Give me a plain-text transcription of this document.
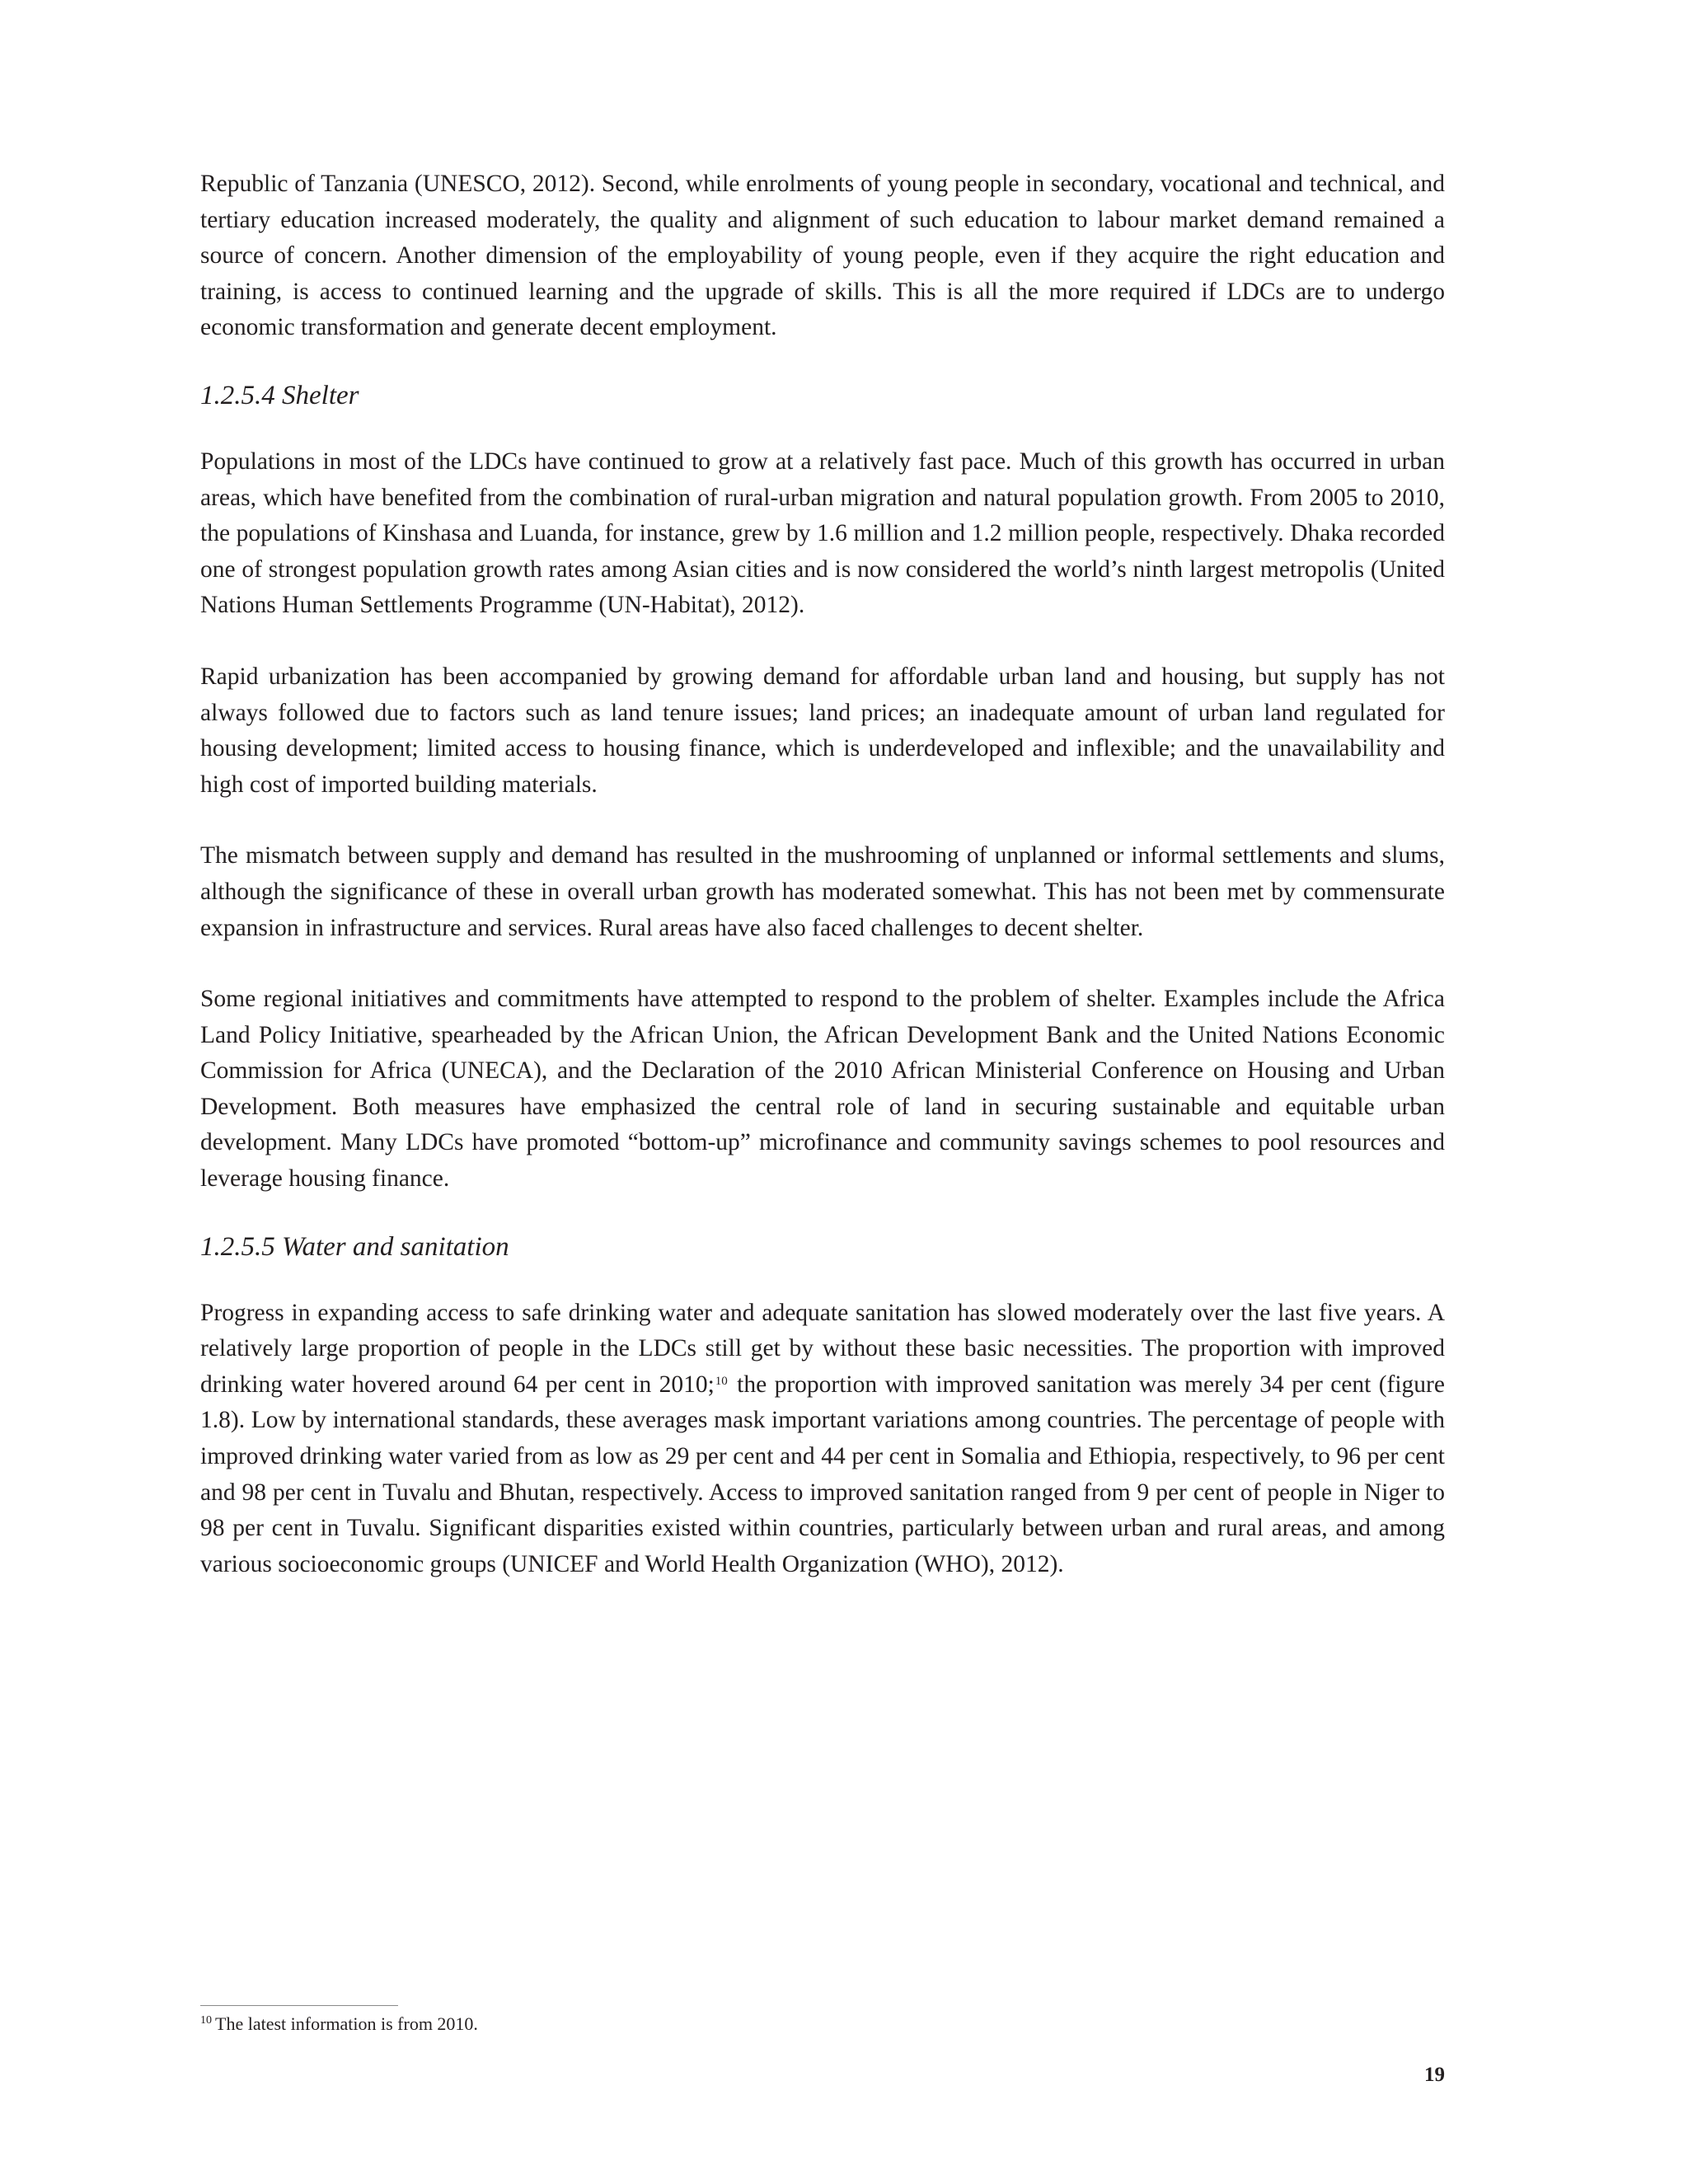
Republic of Tanzania (UNESCO, 2012). Second, while enrolments of young people in secondary, vocational and technical, and tertiary education increased moderately, the quality and alignment of such education to labour market demand remained a source of concern. Another dimension of the employability of young people, even if they acquire the right education and training, is access to continued learning and the upgrade of skills. This is all the more required if LDCs are to undergo economic transformation and generate decent employment.

1.2.5.4 Shelter

Populations in most of the LDCs have continued to grow at a relatively fast pace. Much of this growth has occurred in urban areas, which have benefited from the combination of rural-urban migration and natural population growth. From 2005 to 2010, the populations of Kinshasa and Luanda, for instance, grew by 1.6 million and 1.2 million people, respectively. Dhaka recorded one of strongest population growth rates among Asian cities and is now considered the world’s ninth largest metropolis (United Nations Human Settlements Programme (UN-Habitat), 2012).

Rapid urbanization has been accompanied by growing demand for affordable urban land and housing, but supply has not always followed due to factors such as land tenure issues; land prices; an inadequate amount of urban land regulated for housing development; limited access to housing finance, which is underdeveloped and inflexible; and the unavailability and high cost of imported building materials.

The mismatch between supply and demand has resulted in the mushrooming of unplanned or informal settlements and slums, although the significance of these in overall urban growth has moderated somewhat. This has not been met by commensurate expansion in infrastructure and services. Rural areas have also faced challenges to decent shelter.

Some regional initiatives and commitments have attempted to respond to the problem of shelter. Examples include the Africa Land Policy Initiative, spearheaded by the African Union, the African Development Bank and the United Nations Economic Commission for Africa (UNECA), and the Declaration of the 2010 African Ministerial Conference on Housing and Urban Development. Both measures have emphasized the central role of land in securing sustainable and equitable urban development. Many LDCs have promoted “bottom-up” microfinance and community savings schemes to pool resources and leverage housing finance.

1.2.5.5 Water and sanitation

Progress in expanding access to safe drinking water and adequate sanitation has slowed moderately over the last five years. A relatively large proportion of people in the LDCs still get by without these basic necessities. The proportion with improved drinking water hovered around 64 per cent in 2010;$^{10}$ the proportion with improved sanitation was merely 34 per cent (figure 1.8). Low by international standards, these averages mask important variations among countries. The percentage of people with improved drinking water varied from as low as 29 per cent and 44 per cent in Somalia and Ethiopia, respectively, to 96 per cent and 98 per cent in Tuvalu and Bhutan, respectively. Access to improved sanitation ranged from 9 per cent of people in Niger to 98 per cent in Tuvalu. Significant disparities existed within countries, particularly between urban and rural areas, and among various socioeconomic groups (UNICEF and World Health Organization (WHO), 2012).

$^{10}$ The latest information is from 2010.

19
